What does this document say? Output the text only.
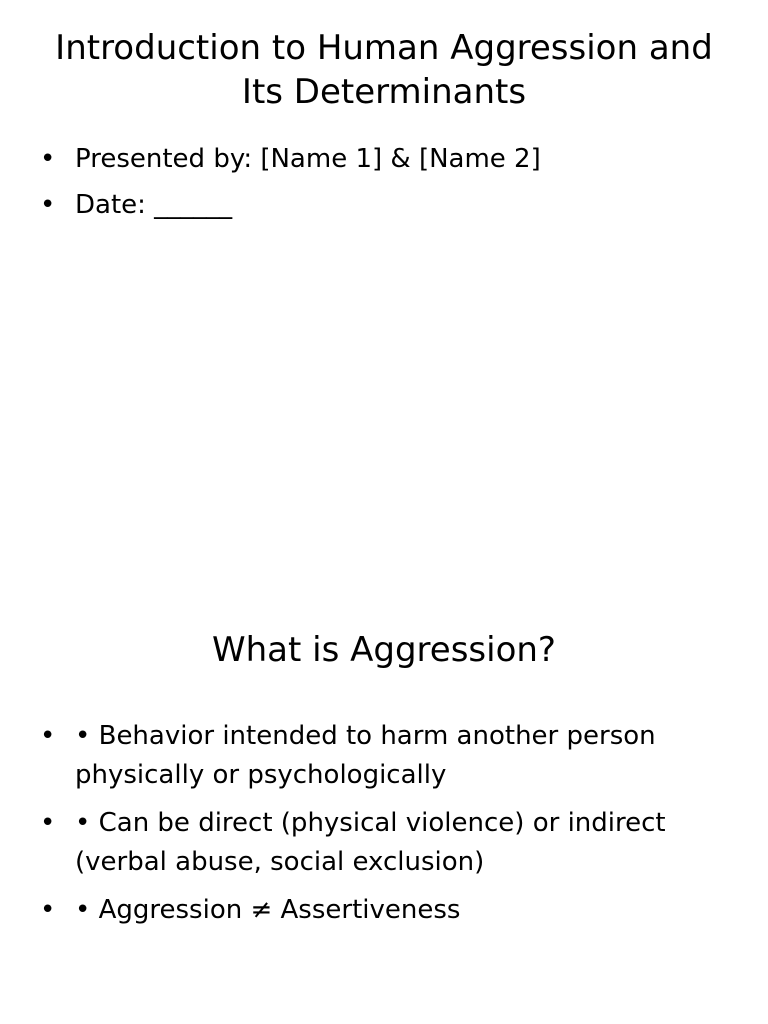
Introduction to Human Aggression and Its Determinants
• Presented by: [Name 1] & [Name 2]
• Date: ______
What is Aggression?
• • Behavior intended to harm another person physically or psychologically
• • Can be direct (physical violence) or indirect (verbal abuse, social exclusion)
• • Aggression ≠ Assertiveness
